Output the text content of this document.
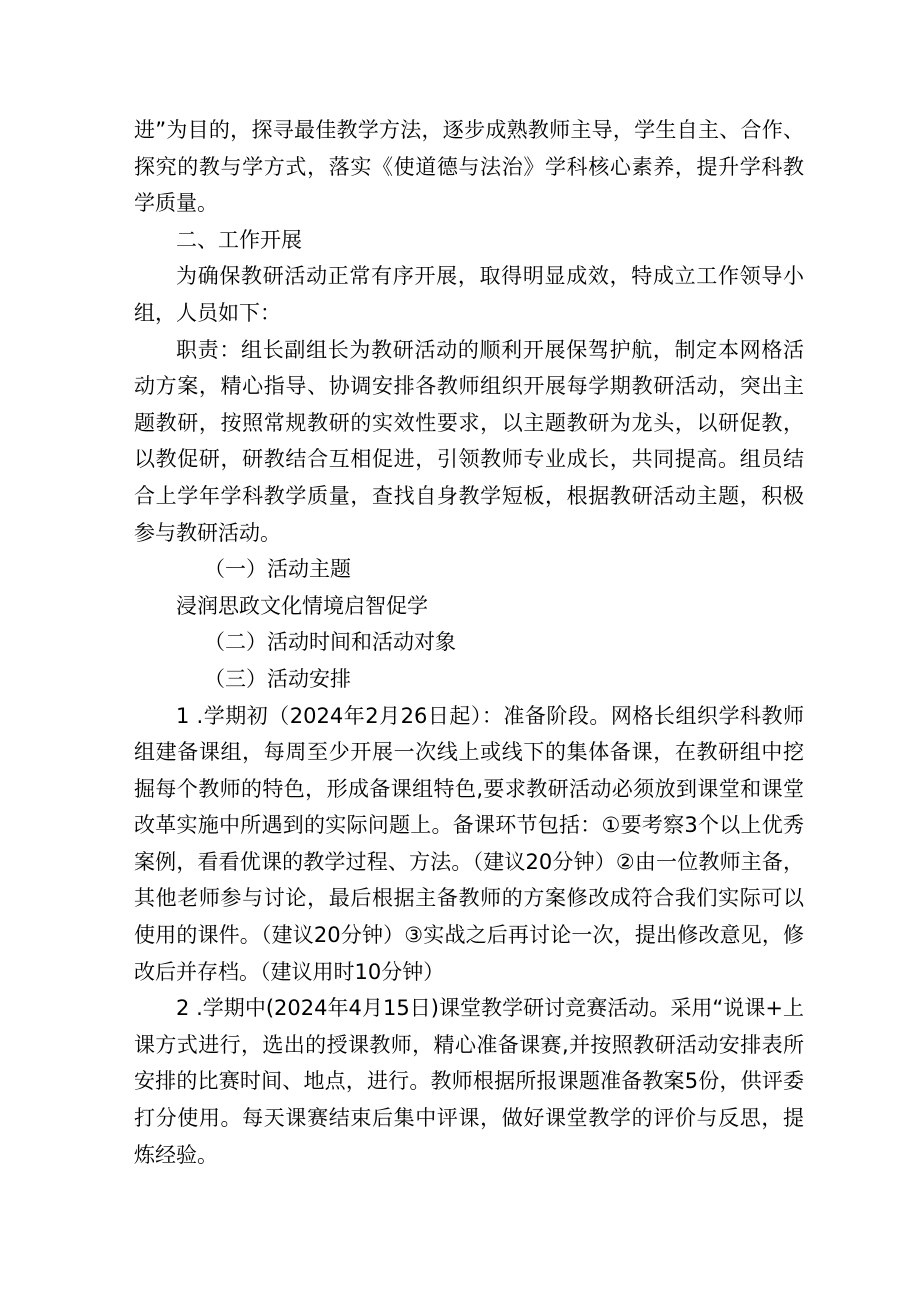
进”为目的，探寻最佳教学方法，逐步成熟教师主导，学生自主、合作、探究的教与学方式，落实《使道德与法治》学科核心素养，提升学科教学质量。

二、工作开展

为确保教研活动正常有序开展，取得明显成效，特成立工作领导小组，人员如下：

职责：组长副组长为教研活动的顺利开展保驾护航，制定本网格活动方案，精心指导、协调安排各教师组织开展每学期教研活动，突出主题教研，按照常规教研的实效性要求，以主题教研为龙头，以研促教，以教促研，研教结合互相促进，引领教师专业成长，共同提高。组员结合上学年学科教学质量，查找自身教学短板，根据教研活动主题，积极参与教研活动。

（一）活动主题

浸润思政文化情境启智促学

（二）活动时间和活动对象

（三）活动安排

1 .学期初（2024年2月26日起）：准备阶段。网格长组织学科教师组建备课组，每周至少开展一次线上或线下的集体备课，在教研组中挖掘每个教师的特色，形成备课组特色,要求教研活动必须放到课堂和课堂改革实施中所遇到的实际问题上。备课环节包括：①要考察3个以上优秀案例，看看优课的教学过程、方法。（建议20分钟）②由一位教师主备，其他老师参与讨论，最后根据主备教师的方案修改成符合我们实际可以使用的课件。（建议20分钟）③实战之后再讨论一次，提出修改意见，修改后并存档。（建议用时10分钟）

2 .学期中(2024年4月15日)课堂教学研讨竞赛活动。采用“说课+上课方式进行，选出的授课教师，精心准备课赛,并按照教研活动安排表所安排的比赛时间、地点，进行。教师根据所报课题准备教案5份，供评委打分使用。每天课赛结束后集中评课，做好课堂教学的评价与反思，提炼经验。
